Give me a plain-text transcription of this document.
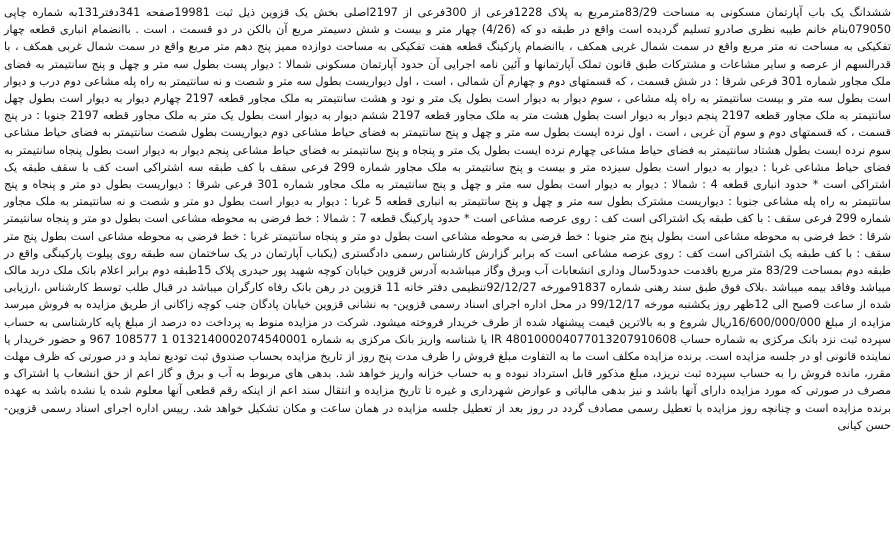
ششدانگ یک باب آپارتمان مسکونی به مساحت 83/29مترمربع به پلاک 1228فرعی از 300فرعی از 2197اصلی بخش یک قزوین ذیل ثبت 19981صفحه 341دفتر131به شماره چاپی 079050بنام خانم طیبه نظری صادرو تسلیم گردیده است واقع در طبقه دو که (4/26) چهار متر و بیست و شش دسیمتر مربع آن بالکن در دو قسمت ، است . باانضمام انباری قطعه چهار تفکیکی به مساحت نه متر مربع واقع در سمت شمال غربی همکف ، باانضمام پارکینگ قطعه هفت تفکیکی به مساحت دوازده ممیز پنج دهم متر مربع واقع در سمت شمال غربی همکف ، با قدرالسهم از عرصه و سایر مشاعات و مشترکات طبق قانون تملک آپارتمانها و آئین نامه اجرایی آن حدود آپارتمان مسکونی شمالا : دیوار پست بطول سه متر و چهل و پنج سانتیمتر به فضای ملک مجاور شماره 301 فرعی شرقا : در شش قسمت ، که قسمتهای دوم و چهارم آن شمالی ، است ، اول دیواریست بطول سه متر و شصت و نه سانتیمتر به راه پله مشاعی دوم درب و دیوار است بطول سه متر و بیست سانتیمتر به راه پله مشاعی ، سوم دیوار به دیوار است بطول یک متر و نود و هشت سانتیمتر به ملک مجاور قطعه 2197 چهارم دیوار به دیوار است بطول چهل سانتیمتر به ملک مجاور قطعه 2197 پنجم دیوار به دیوار است بطول هشت متر به ملک مجاور قطعه 2197 ششم دیوار به دیوار است بطول یک متر به ملک مجاور قطعه 2197 جنوبا : در پنج قسمت ، که قسمتهای دوم و سوم آن غربی ، است ، اول نرده ایست بطول سه متر و چهل و پنج سانتیمتر به فضای حیاط مشاعی دوم دیواریست بطول شصت سانتیمتر به فضای حیاط مشاعی سوم نرده ایست بطول هشتاد سانتیمتر به فضای حیاط مشاعی چهارم نرده ایست بطول یک متر و پنجاه و پنج سانتیمتر به فضای حیاط مشاعی پنجم دیوار به دیوار است بطول پنجاه سانتیمتر به فضای حیاط مشاعی غربا : دیوار به دیوار است بطول سیزده متر و بیست و پنج سانتیمتر به ملک مجاور شماره 299 فرعی سقف با کف طبقه سه اشتراکی است کف با سقف طبقه یک اشتراکی است * حدود انباری قطعه 4 : شمالا : دیوار به دیوار است بطول سه متر و چهل و پنج سانتیمتر به ملک مجاور شماره 301 فرعی شرقا : دیواریست بطول دو متر و پنجاه و پنج سانتیمتر به راه پله مشاعی جنوبا : دیواریست مشترک بطول سه متر و چهل و پنج سانتیمتر به انباری قطعه 5 غربا : دیوار به دیوار است بطول دو متر و شصت و نه سانتیمتر به ملک مجاور شماره 299 فرعی سقف : با کف طبقه یک اشتراکی است کف : روی عرصه مشاعی است * حدود پارکینگ قطعه 7 : شمالا : خط فرضی به محوطه مشاعی است بطول دو متر و پنجاه سانتیمتر شرقا : خط فرضی به محوطه مشاعی است بطول پنج متر جنوبا : خط فرضی به محوطه مشاعی است بطول دو متر و پنجاه سانتیمتر غربا : خط فرضی به محوطه مشاعی است بطول پنج متر سقف : با کف طبقه یک اشتراکی است کف : روی عرصه مشاعی است که برابر گزارش کارشناس رسمی دادگستری (یکباب آپارتمان در یک ساختمان سه طبقه روی پیلوت پارکینگی واقع در طبقه دوم بمساحت 83/29 متر مربع باقدمت حدود5سال وداری انشعابات آب وبرق وگاز میباشدبه آدرس قزوین خیابان کوچه شهید پور حیدری پلاک 15طبقه دوم برابر اعلام بانک ملک دربد مالک میباشد وفاقد بیمه میباشد .بلاک فوق طبق سند رهنی شماره 91837مورخه 92/12/27تنظیمی دفتر خانه 11 قزوین در رهن بانک رفاه کارگران میباشد در قبال طلب توسط کارشناس ،ارزیابی شده از ساعت 9صبح الی 12ظهر روز یکشنبه مورخه 99/12/17 در محل اداره اجرای اسناد رسمی قزوین- به نشانی قزوین خیابان پادگان جنب کوچه زاکانی از طریق مزایده به فروش میرسد مزایده از مبلغ 16/600/000/000ریال شروع و به بالاترین قیمت پیشنهاد شده از طرف خریدار فروخته میشود. شرکت در مزایده منوط به پرداخت ده درصد از مبلغ پایه کارشناسی به حساب سپرده ثبت نزد بانک مرکزی به شماره حساب IR 480100004077013207910608 یا شناسه واریز بانک مرکزی به شماره 0132140002074540001 1 108577 967 و حضور خریدار یا نماینده قانونی او در جلسه مزایده است. برنده مزایده مکلف است ما به التفاوت مبلغ فروش را ظرف مدت پنج روز از تاریخ مزایده بحساب صندوق ثبت تودیع نماید و در صورتی که ظرف مهلت مقرر، مانده فروش را به حساب سپرده ثبت نریزد، مبلغ مذکور قابل استرداد نبوده و به حساب خزانه واریز خواهد شد. بدهی های مربوط به آب و برق و گاز اعم از حق انشعاب یا اشتراک و مصرف در صورتی که مورد مزایده دارای آنها باشد و نیز بدهی مالیاتی و عوارض شهرداری و غیره تا تاریخ مزایده و انتقال سند اعم از اینکه رقم قطعی آنها معلوم شده یا نشده باشد به عهده برنده مزایده است و چنانچه روز مزایده با تعطیل رسمی مصادف گردد در روز بعد از تعطیل جلسه مزایده در همان ساعت و مکان تشکیل خواهد شد. رییس اداره اجرای اسناد رسمی قزوین-حسن کیانی
